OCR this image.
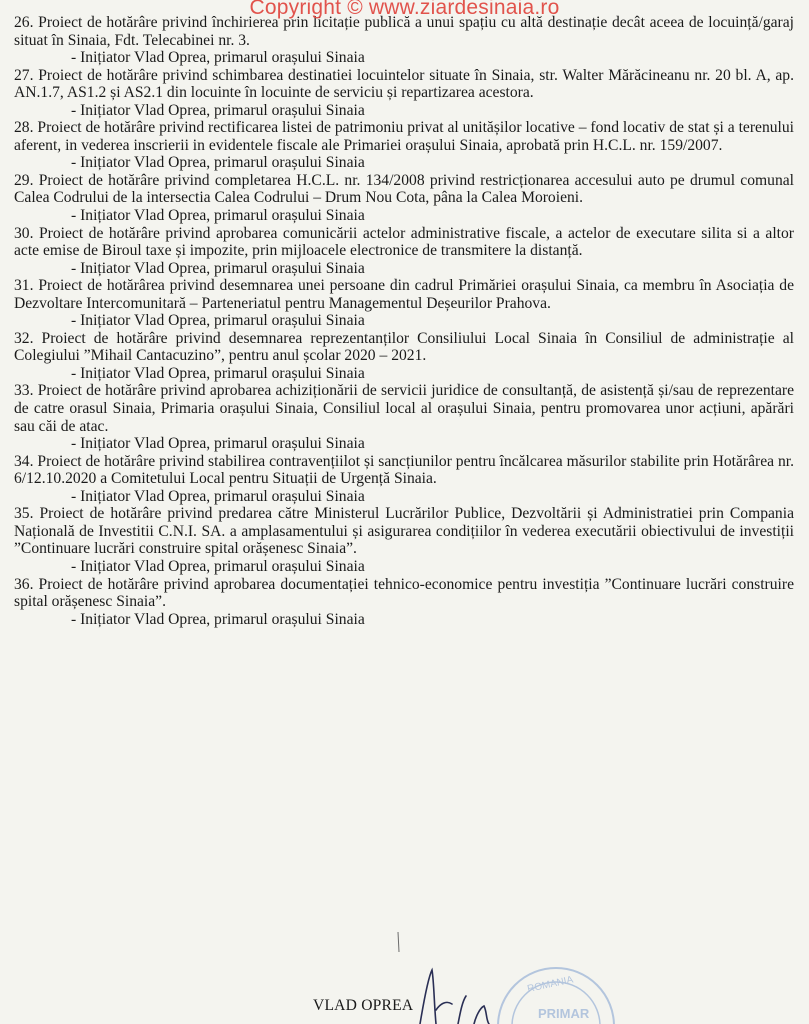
Copyright © www.ziardesinaia.ro

26. Proiect de hotărâre privind închirierea prin licitație publică a unui spațiu cu altă destinație decât aceea de locuință/garaj situat în Sinaia, Fdt. Telecabinei nr. 3.

- Inițiator Vlad Oprea, primarul orașului Sinaia

27. Proiect de hotărâre privind schimbarea destinatiei locuintelor situate în Sinaia, str. Walter Mărăcineanu nr. 20 bl. A, ap. AN.1.7, AS1.2 și AS2.1 din locuinte în locuinte de serviciu și repartizarea acestora.

- Inițiator Vlad Oprea, primarul orașului Sinaia

28. Proiect de hotărâre privind rectificarea listei de patrimoniu privat al unitășilor locative – fond locativ de stat și a terenului aferent, in vederea inscrierii in evidentele fiscale ale Primariei orașului Sinaia, aprobată prin H.C.L. nr. 159/2007.

- Inițiator Vlad Oprea, primarul orașului Sinaia

29. Proiect de hotărâre privind completarea H.C.L. nr. 134/2008 privind restricționarea accesului auto pe drumul comunal Calea Codrului de la intersectia Calea Codrului – Drum Nou Cota, pâna la Calea Moroieni.

- Inițiator Vlad Oprea, primarul orașului Sinaia

30. Proiect de hotărâre privind aprobarea comunicării actelor administrative fiscale, a actelor de executare silita si a altor acte emise de Biroul taxe și impozite, prin mijloacele electronice de transmitere la distanță.

- Inițiator Vlad Oprea, primarul orașului Sinaia

31. Proiect de hotărârea privind desemnarea unei persoane din cadrul Primăriei orașului Sinaia, ca membru în Asociația de Dezvoltare Intercomunitară – Parteneriatul pentru Managementul Deșeurilor Prahova.

- Inițiator Vlad Oprea, primarul orașului Sinaia

32. Proiect de hotărâre privind desemnarea reprezentanților Consiliului Local Sinaia în Consiliul de administrație al Colegiului ”Mihail Cantacuzino”, pentru anul școlar 2020 – 2021.

- Inițiator Vlad Oprea, primarul orașului Sinaia

33. Proiect de hotărâre privind aprobarea achiziționării de servicii juridice de consultanță, de asistență și/sau de reprezentare de catre orasul Sinaia, Primaria orașului Sinaia, Consiliul local al orașului Sinaia, pentru promovarea unor acțiuni, apărări sau căi de atac.

- Inițiator Vlad Oprea, primarul orașului Sinaia

34. Proiect de hotărâre privind stabilirea contravențiilot și sancțiunilor pentru încălcarea măsurilor stabilite prin Hotărârea nr. 6/12.10.2020 a Comitetului Local pentru Situații de Urgență Sinaia.

- Inițiator Vlad Oprea, primarul orașului Sinaia

35. Proiect de hotărâre privind predarea către Ministerul Lucrărilor Publice, Dezvoltării și Administratiei prin Compania Națională de Investitii C.N.I. SA. a amplasamentului și asigurarea condițiilor în vederea executării obiectivului de investiții ”Continuare lucrări construire spital orășenesc Sinaia”.

- Inițiator Vlad Oprea, primarul orașului Sinaia

36. Proiect de hotărâre privind aprobarea documentației tehnico-economice pentru investiția ”Continuare lucrări construire spital orășenesc Sinaia”.

- Inițiator Vlad Oprea, primarul orașului Sinaia

ROMANIA
PRIMAR
VLAD OPREA
